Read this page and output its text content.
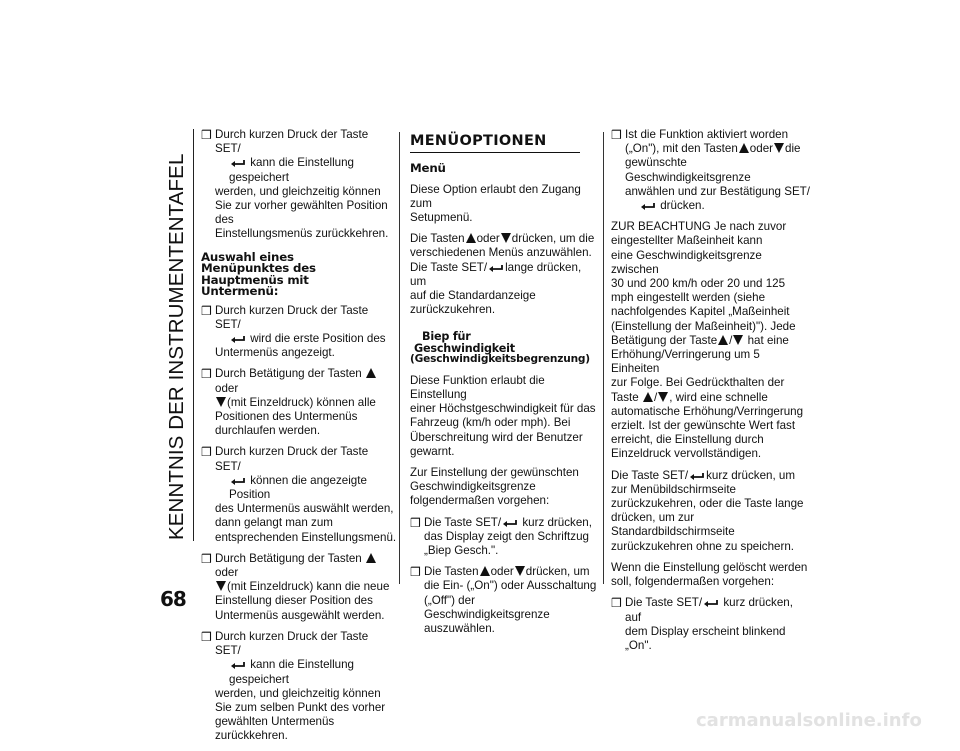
KENNTNIS DER INSTRUMENTENTAFEL
68
❒ Durch kurzen Druck der Taste SET/
kann die Einstellung gespeichert
werden, und gleichzeitig können
Sie zur vorher gewählten Position des
Einstellungsmenüs zurückkehren.
Auswahl eines Menüpunktes des Hauptmenüs mit Untermenü:
❒ Durch kurzen Druck der Taste SET/
wird die erste Position des
Untermenüs angezeigt.
❒ Durch Betätigung der Tasten oder
(mit Einzeldruck) können alle
Positionen des Untermenüs
durchlaufen werden.
❒ Durch kurzen Druck der Taste SET/
können die angezeigte Position
des Untermenüs auswählt werden,
dann gelangt man zum
entsprechenden Einstellungsmenü.
❒ Durch Betätigung der Tasten oder
(mit Einzeldruck) kann die neue
Einstellung dieser Position des
Untermenüs ausgewählt werden.
❒ Durch kurzen Druck der Taste SET/
kann die Einstellung gespeichert
werden, und gleichzeitig können
Sie zum selben Punkt des vorher
gewählten Untermenüs
zurückkehren.
MENÜOPTIONEN
Menü
Diese Option erlaubt den Zugang zum
Setupmenü.
Die Tasten oder drücken, um die
verschiedenen Menüs anzuwählen.
Die Taste SET/ lange drücken, um
auf die Standardanzeige
zurückzukehren.
Biep für
Geschwindigkeit
(Geschwindigkeitsbegrenzung)
Diese Funktion erlaubt die Einstellung
einer Höchstgeschwindigkeit für das
Fahrzeug (km/h oder mph). Bei
Überschreitung wird der Benutzer
gewarnt.
Zur Einstellung der gewünschten
Geschwindigkeitsgrenze
folgendermaßen vorgehen:
❒ Die Taste SET/ kurz drücken,
das Display zeigt den Schriftzug
„Biep Gesch.".
❒ Die Tasten oder drücken, um
die Ein- („On") oder Ausschaltung
(„Off") der Geschwindigkeitsgrenze
auszuwählen.
❒ Ist die Funktion aktiviert worden
(„On"), mit den Tasten oder die
gewünschte Geschwindigkeitsgrenze
anwählen und zur Bestätigung SET/
drücken.
ZUR BEACHTUNG Je nach zuvor
eingestellter Maßeinheit kann
eine Geschwindigkeitsgrenze zwischen
30 und 200 km/h oder 20 und 125
mph eingestellt werden (siehe
nachfolgendes Kapitel „Maßeinheit
(Einstellung der Maßeinheit)"). Jede
Betätigung der Taste / hat eine
Erhöhung/Verringerung um 5 Einheiten
zur Folge. Bei Gedrückthalten der
Taste / , wird eine schnelle
automatische Erhöhung/Verringerung
erzielt. Ist der gewünschte Wert fast
erreicht, die Einstellung durch
Einzeldruck vervollständigen.
Die Taste SET/ kurz drücken, um
zur Menübildschirmseite
zurückzukehren, oder die Taste lange
drücken, um zur
Standardbildschirmseite
zurückzukehren ohne zu speichern.
Wenn die Einstellung gelöscht werden
soll, folgendermaßen vorgehen:
❒ Die Taste SET/ kurz drücken, auf
dem Display erscheint blinkend „On".
carmanualsonline.info
